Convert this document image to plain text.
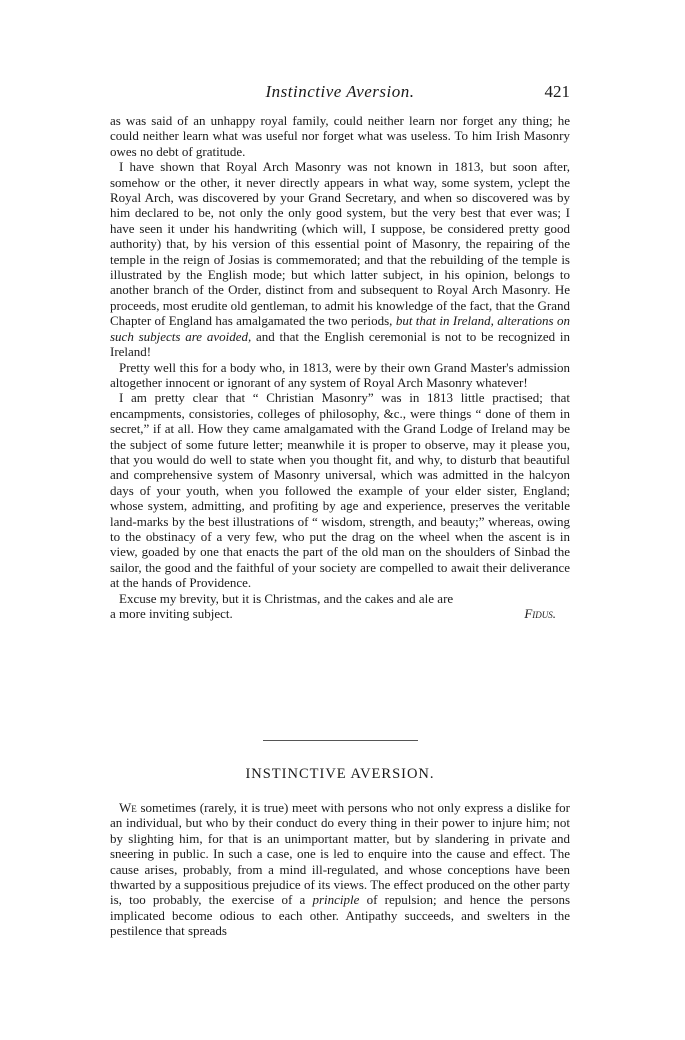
Instinctive Aversion.	421

as was said of an unhappy royal family, could neither learn nor forget any thing; he could neither learn what was useful nor forget what was useless. To him Irish Masonry owes no debt of gratitude.

I have shown that Royal Arch Masonry was not known in 1813, but soon after, somehow or the other, it never directly appears in what way, some system, yclept the Royal Arch, was discovered by your Grand Secretary, and when so discovered was by him declared to be, not only the only good system, but the very best that ever was; I have seen it under his handwriting (which will, I suppose, be considered pretty good authority) that, by his version of this essential point of Masonry, the repairing of the temple in the reign of Josias is commemorated; and that the rebuilding of the temple is illustrated by the English mode; but which latter subject, in his opinion, belongs to another branch of the Order, distinct from and subsequent to Royal Arch Masonry. He proceeds, most erudite old gentleman, to admit his knowledge of the fact, that the Grand Chapter of England has amalgamated the two periods, but that in Ireland, alterations on such subjects are avoided, and that the English ceremonial is not to be recognized in Ireland!

Pretty well this for a body who, in 1813, were by their own Grand Master's admission altogether innocent or ignorant of any system of Royal Arch Masonry whatever!

I am pretty clear that “ Christian Masonry” was in 1813 little practised; that encampments, consistories, colleges of philosophy, &c., were things “ done of them in secret,” if at all. How they came amalgamated with the Grand Lodge of Ireland may be the subject of some future letter; meanwhile it is proper to observe, may it please you, that you would do well to state when you thought fit, and why, to disturb that beautiful and comprehensive system of Masonry universal, which was admitted in the halcyon days of your youth, when you followed the example of your elder sister, England; whose system, admitting, and profiting by age and experience, preserves the veritable land-marks by the best illustrations of “ wisdom, strength, and beauty;” whereas, owing to the obstinacy of a very few, who put the drag on the wheel when the ascent is in view, goaded by one that enacts the part of the old man on the shoulders of Sinbad the sailor, the good and the faithful of your society are compelled to await their deliverance at the hands of Providence.

Excuse my brevity, but it is Christmas, and the cakes and ale are

a more inviting subject.	Fidus.
INSTINCTIVE AVERSION.

We sometimes (rarely, it is true) meet with persons who not only express a dislike for an individual, but who by their conduct do every thing in their power to injure him; not by slighting him, for that is an unimportant matter, but by slandering in private and sneering in public. In such a case, one is led to enquire into the cause and effect. The cause arises, probably, from a mind ill-regulated, and whose conceptions have been thwarted by a suppositious prejudice of its views. The effect produced on the other party is, too probably, the exercise of a principle of repulsion; and hence the persons implicated become odious to each other. Antipathy succeeds, and swelters in the pestilence that spreads
